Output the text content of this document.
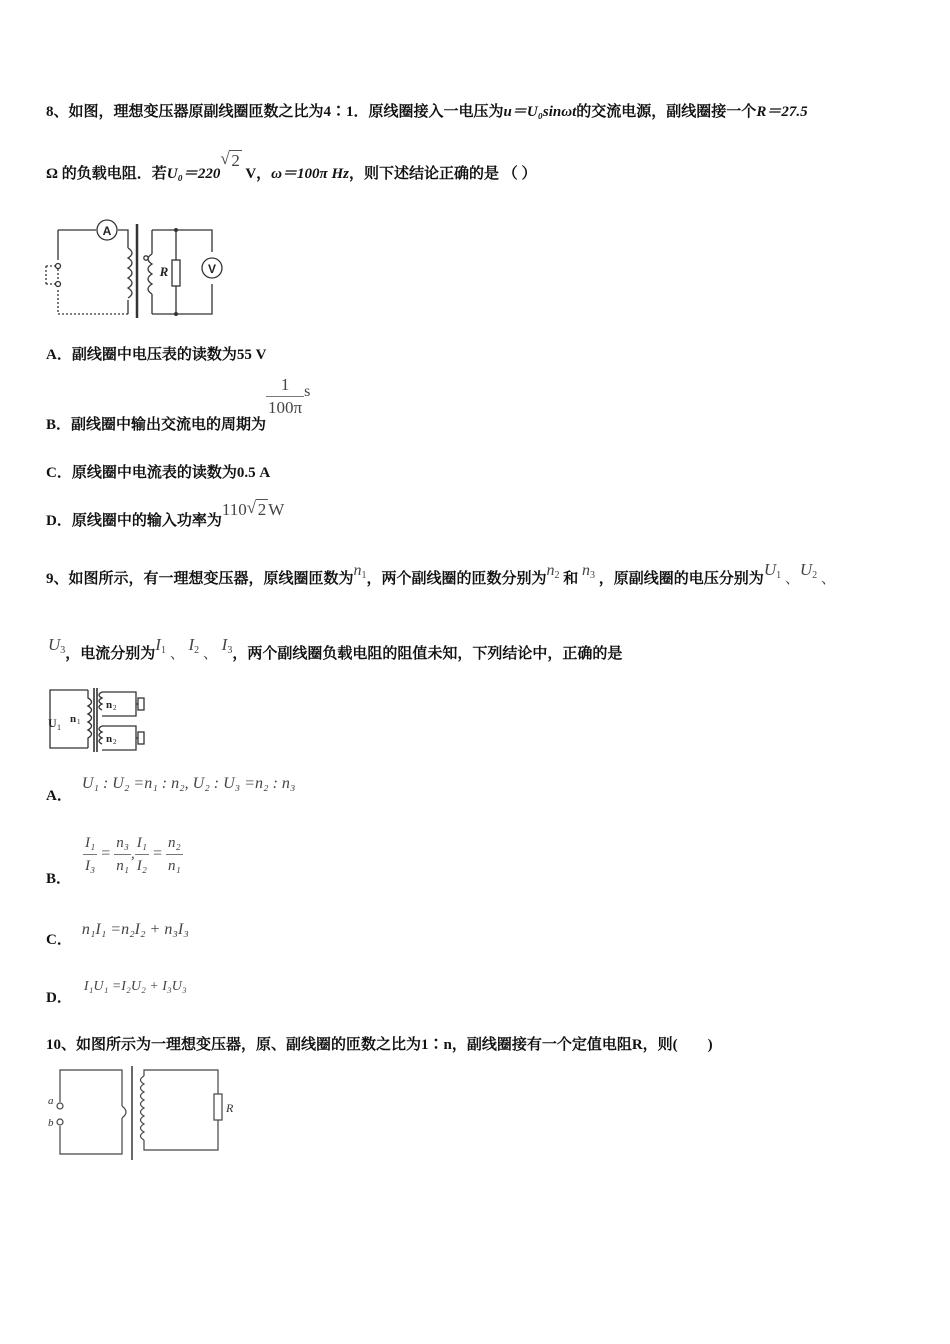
8、如图，理想变压器原副线圈匝数之比为4∶1．原线圈接入一电压为u＝U₀sinωt的交流电源，副线圈接一个R＝27.5
Ω 的负载电阻．若U₀＝220
√ 2 V，ω＝100π Hz，则下述结论正确的是 （ ）
A
V
R
A．副线圈中电压表的读数为55 V
B．副线圈中输出交流电的周期为
$\frac{1}{100\pi}$ s
C．原线圈中电流表的读数为0.5 A
D．原线圈中的输入功率为110 √ 2 W
9、如图所示，有一理想变压器，原线圈匝数为$n_1$，两个副线圈的匝数分别为$n_2$ 和 $n_3$ ，原副线圈的电压分别为$U_1$ 、$U_2$ 、
$U_3$，电流分别为$I_1$ 、 $I_2$ 、 $I_3$，两个副线圈负载电阻的阻值未知，下列结论中，正确的是
U 1
n 1
n 2
n 2
A．U₁ : U₂ =n₁ : n₂, U₂ : U₃ =n₂ : n₃
B．
$\frac{\text{I₁}}{\text{I₃}} = \frac{\text{n₃}}{\text{n₁}}$ , $\frac{\text{I₁}}{\text{I₂}} = \frac{\text{n₂}}{\text{n₁}}$
C．n₁I₁ =n₂I₂ + n₃I₃
D．I₁U₁ =I₂U₂ + I₃U₃
10、如图所示为一理想变压器，原、副线圈的匝数之比为1∶n，副线圈接有一个定值电阻R，则(　　)
a
b
R
